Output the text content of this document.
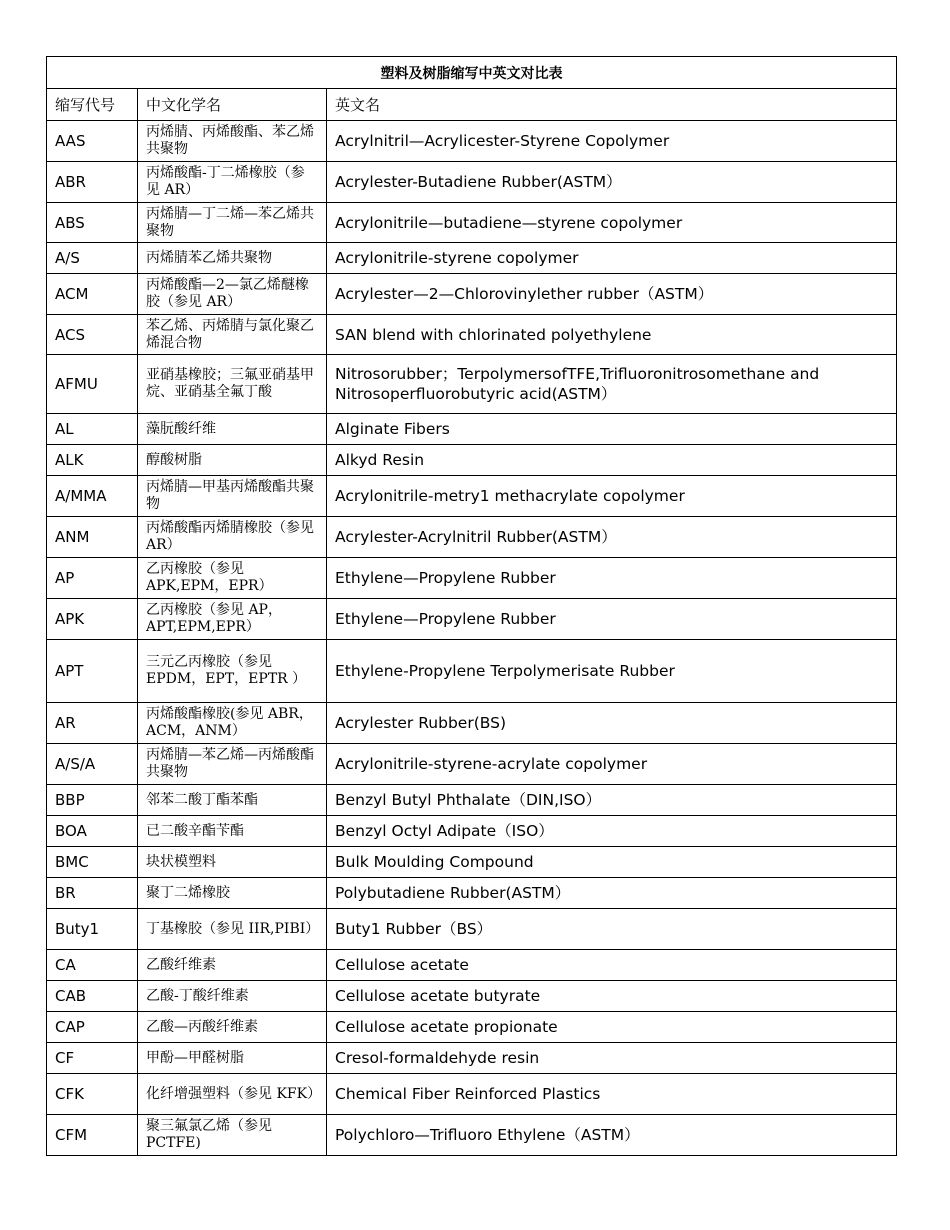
塑料及树脂缩写中英文对比表		
缩写代号	中文化学名	英文名
AAS	丙烯腈、丙烯酸酯、苯乙烯共聚物	Acrylnitril—Acrylicester-Styrene Copolymer
ABR	丙烯酸酯-丁二烯橡胶（参见 AR）	Acrylester-Butadiene Rubber(ASTM）
ABS	丙烯腈—丁二烯—苯乙烯共聚物	Acrylonitrile—butadiene—styrene copolymer
A/S	丙烯腈苯乙烯共聚物	Acrylonitrile-styrene copolymer
ACM	丙烯酸酯—2—氯乙烯醚橡胶（参见 AR）	Acrylester—2—Chlorovinylether rubber（ASTM）
ACS	苯乙烯、丙烯腈与氯化聚乙烯混合物	SAN blend with chlorinated polyethylene
AFMU	亚硝基橡胶；三氟亚硝基甲烷、亚硝基全氟丁酸	Nitrosorubber；TerpolymersofTFE,Trifluoronitrosomethane and Nitrosoperfluorobutyric acid(ASTM）
AL	藻朊酸纤维	Alginate Fibers
ALK	醇酸树脂	Alkyd Resin
A/MMA	丙烯腈—甲基丙烯酸酯共聚物	Acrylonitrile-metry1 methacrylate copolymer
ANM	丙烯酸酯丙烯腈橡胶（参见 AR）	Acrylester-Acrylnitril Rubber(ASTM）
AP	乙丙橡胶（参见 APK,EPM，EPR）	Ethylene—Propylene Rubber
APK	乙丙橡胶（参见 AP，APT,EPM,EPR）	Ethylene—Propylene Rubber
APT	三元乙丙橡胶（参见 EPDM，EPT，EPTR ）	Ethylene-Propylene Terpolymerisate Rubber
AR	丙烯酸酯橡胶(参见 ABR，ACM，ANM）	Acrylester Rubber(BS)
A/S/A	丙烯腈—苯乙烯—丙烯酸酯共聚物	Acrylonitrile-styrene-acrylate copolymer
BBP	邻苯二酸丁酯苯酯	Benzyl Butyl Phthalate（DIN,ISO）
BOA	已二酸辛酯苄酯	Benzyl Octyl Adipate（ISO）
BMC	块状模塑料	Bulk Moulding Compound
BR	聚丁二烯橡胶	Polybutadiene Rubber(ASTM）
Buty1	丁基橡胶（参见 IIR,PIBI）	Buty1 Rubber（BS）
CA	乙酸纤维素	Cellulose acetate
CAB	乙酸-丁酸纤维素	Cellulose acetate butyrate
CAP	乙酸—丙酸纤维素	Cellulose acetate propionate
CF	甲酚—甲醛树脂	Cresol-formaldehyde resin
CFK	化纤增强塑料（参见 KFK）	Chemical Fiber Reinforced Plastics
CFM	聚三氟氯乙烯（参见 PCTFE)	Polychloro—Trifluoro Ethylene（ASTM）
